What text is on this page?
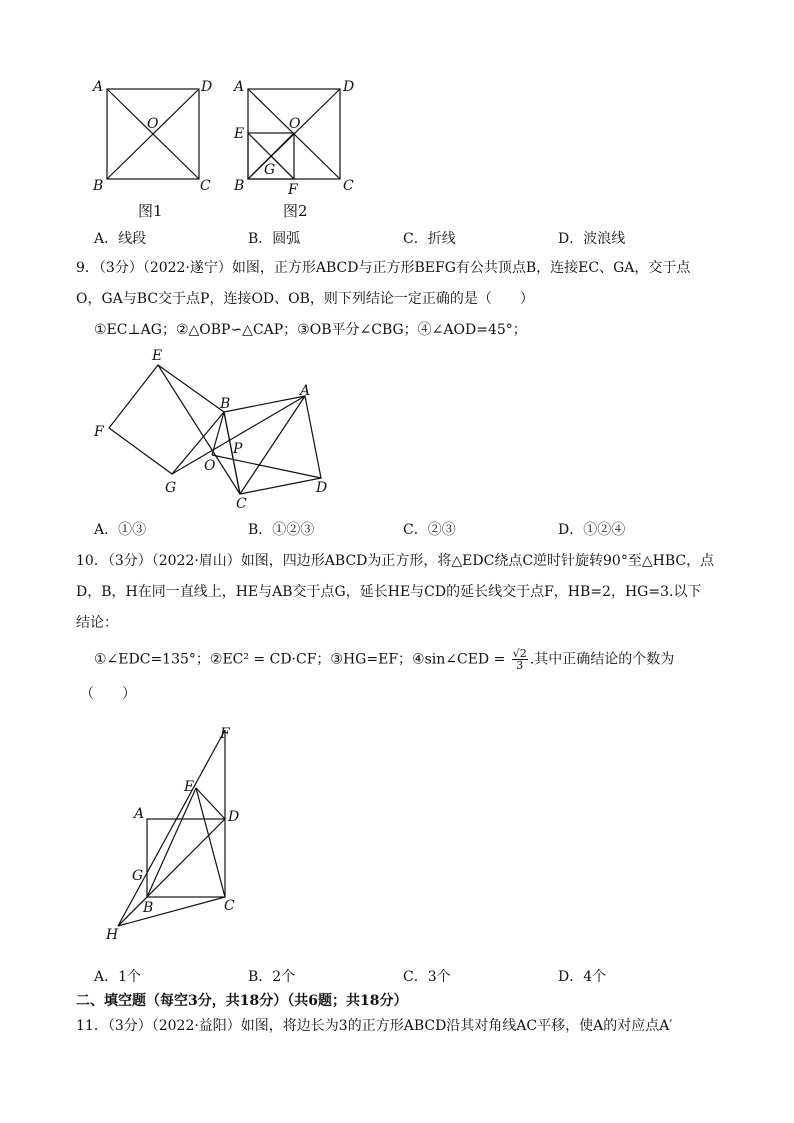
A	D
O
B	C
图1
A	D
O
E
G
B	F	C
图2
A．线段	B．圆弧	C．折线	D．波浪线
9．（3分）（2022·遂宁）如图，正方形ABCD与正方形BEFG有公共顶点B，连接EC、GA，交于点
O，GA与BC交于点P，连接OD、OB，则下列结论一定正确的是（　　）
①EC⊥AG；②△OBP∽△CAP；③OB平分∠CBG；④∠AOD=45°；
E
B
A
F
P
O
G
C
D
A．①③	B．①②③	C．②③	D．①②④
10．（3分）（2022·眉山）如图，四边形ABCD为正方形，将△EDC绕点C逆时针旋转90°至△HBC，点
D，B，H在同一直线上，HE与AB交于点G，延长HE与CD的延长线交于点F，HB=2，HG=3.以下
结论：
①∠EDC=135°；②EC² = CD·CF；③HG=EF；④sin∠CED = $\frac{√2}{3}$ .其中正确结论的个数为
（　　）
F
E
A	D
G
B	C
H
A．1个	B．2个	C．3个	D．4个
二、填空题（每空3分，共18分）（共6题；共18分）
11．（3分）（2022·益阳）如图，将边长为3的正方形ABCD沿其对角线AC平移，使A的对应点A′
